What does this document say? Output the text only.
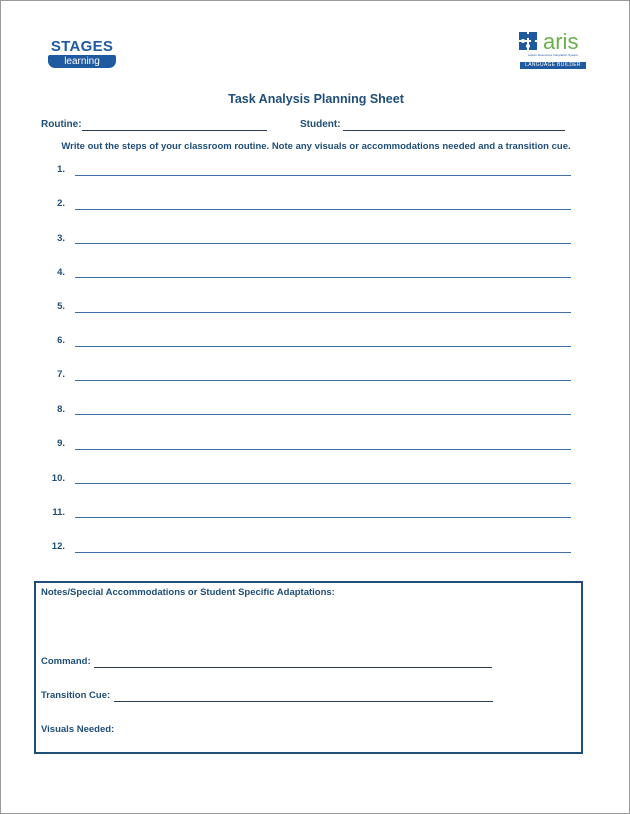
STAGES
learning
aris
Autism Resources Integration System
LANGUAGE BUILDER
Task Analysis Planning Sheet
Routine:	Student:
Write out the steps of your classroom routine. Note any visuals or accommodations needed and a transition cue.
1.
2.
3.
4.
5.
6.
7.
8.
9.
10.
11.
12.
Notes/Special Accommodations or Student Specific Adaptations:
Command:
Transition Cue:
Visuals Needed:
